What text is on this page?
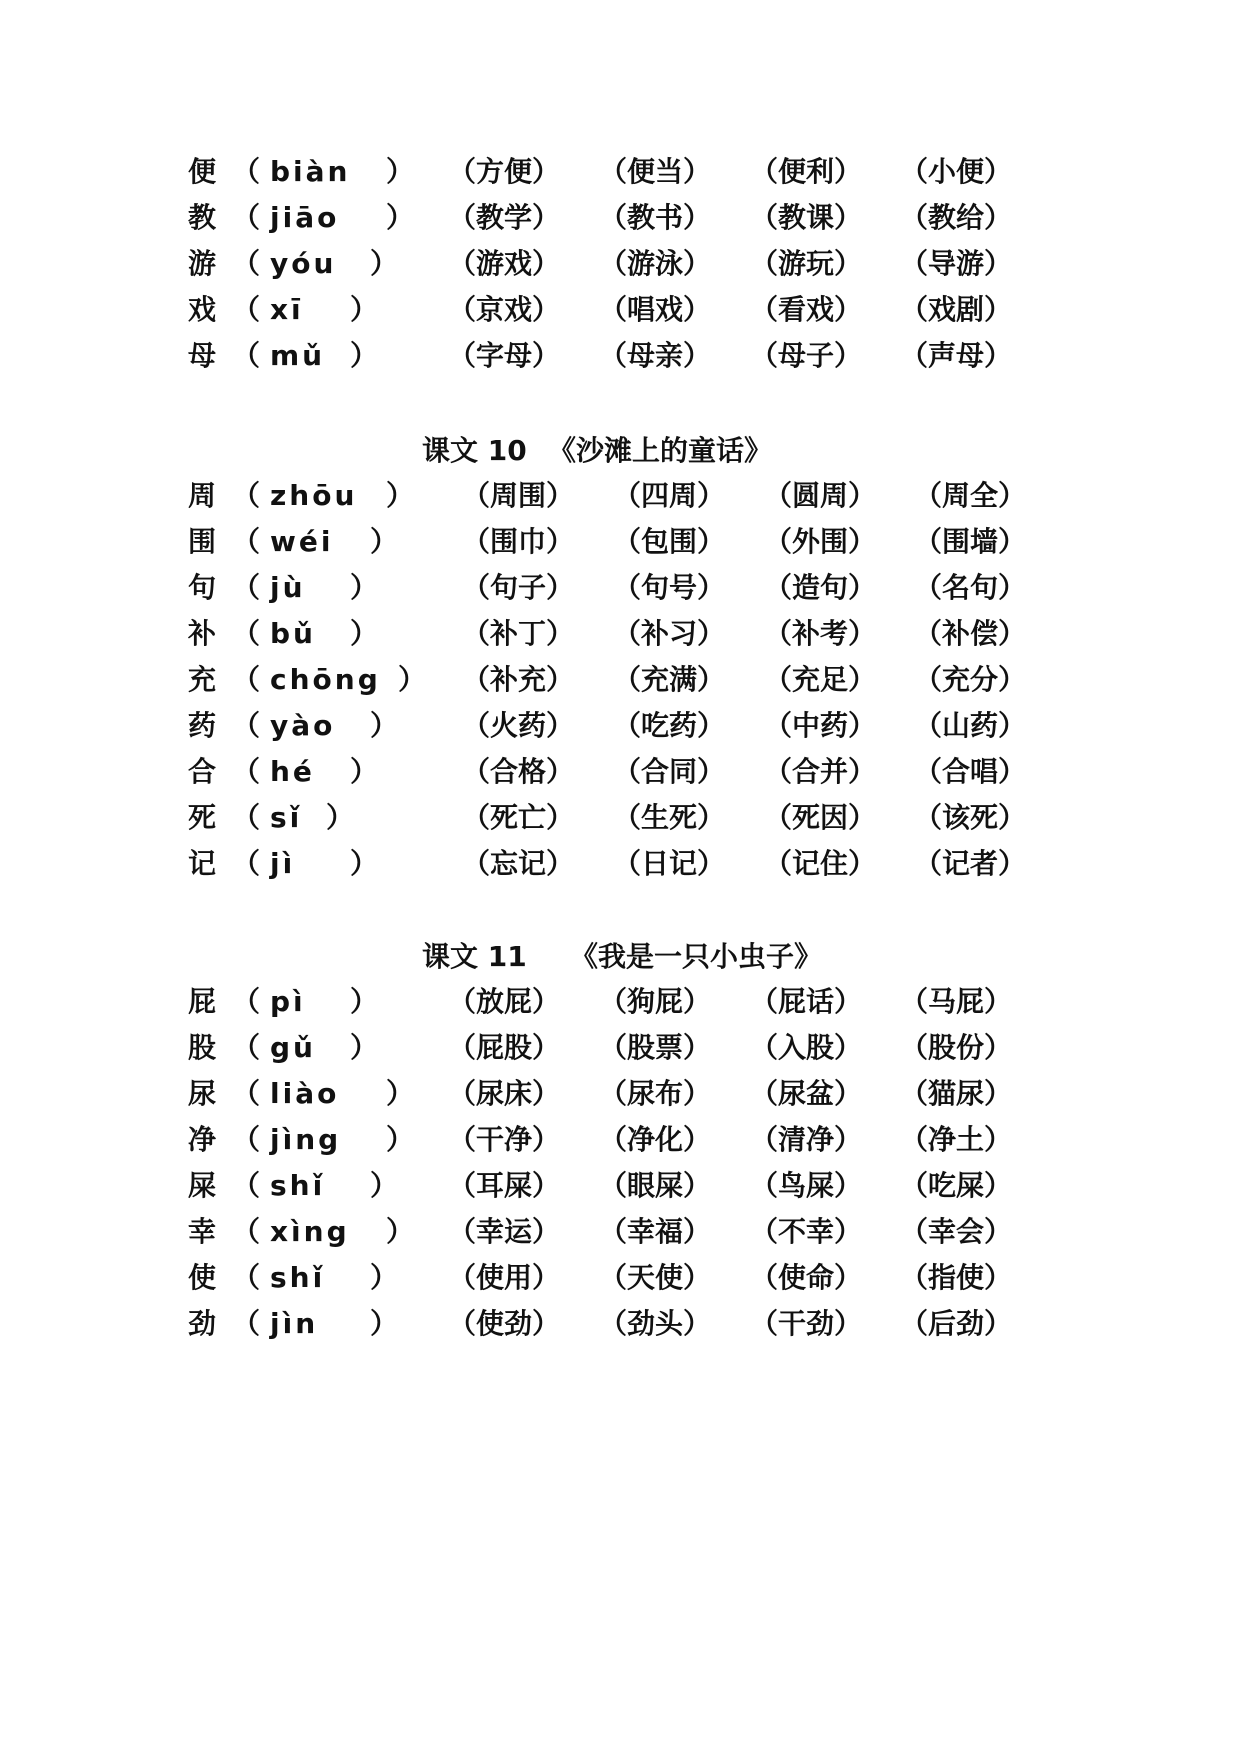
便 （ biàn ） （方便） （便当） （便利） （小便）
教 （ jiāo ） （教学） （教书） （教课） （教给）
游 （ yóu ） （游戏） （游泳） （游玩） （导游）
戏 （ xī ） （京戏） （唱戏） （看戏） （戏剧）
母 （ mǔ ） （字母） （母亲） （母子） （声母）
课文 10 《沙滩上的童话》
周 （ zhōu ） （周围） （四周） （圆周） （周全）
围 （ wéi ） （围巾） （包围） （外围） （围墙）
句 （ jù ）	（句子） （句号） （造句） （名句）
补 （ bǔ ）	（补丁） （补习） （补考） （补偿）
充 （ chōng ） （补充） （充满） （充足） （充分）
药 （ yào ） （火药） （吃药） （中药） （山药）
合 （ hé ）	（合格） （合同） （合并） （合唱）
死 （ sǐ ）	（死亡） （生死） （死因） （该死）
记 （ jì ）	（忘记） （日记） （记住） （记者）
课文 11 《我是一只小虫子》
屁 （ pì ） （放屁） （狗屁） （屁话） （马屁）
股 （ gǔ ） （屁股） （股票） （入股） （股份）
尿 （ liào ） （尿床） （尿布） （尿盆） （猫尿）
净 （ jìng ） （干净） （净化） （清净） （净土）
屎 （ shǐ ） （耳屎） （眼屎） （鸟屎） （吃屎）
幸 （ xìng ） （幸运） （幸福） （不幸） （幸会）
使 （ shǐ ） （使用） （天使） （使命） （指使）
劲 （ jìn ） （使劲） （劲头） （干劲） （后劲）
